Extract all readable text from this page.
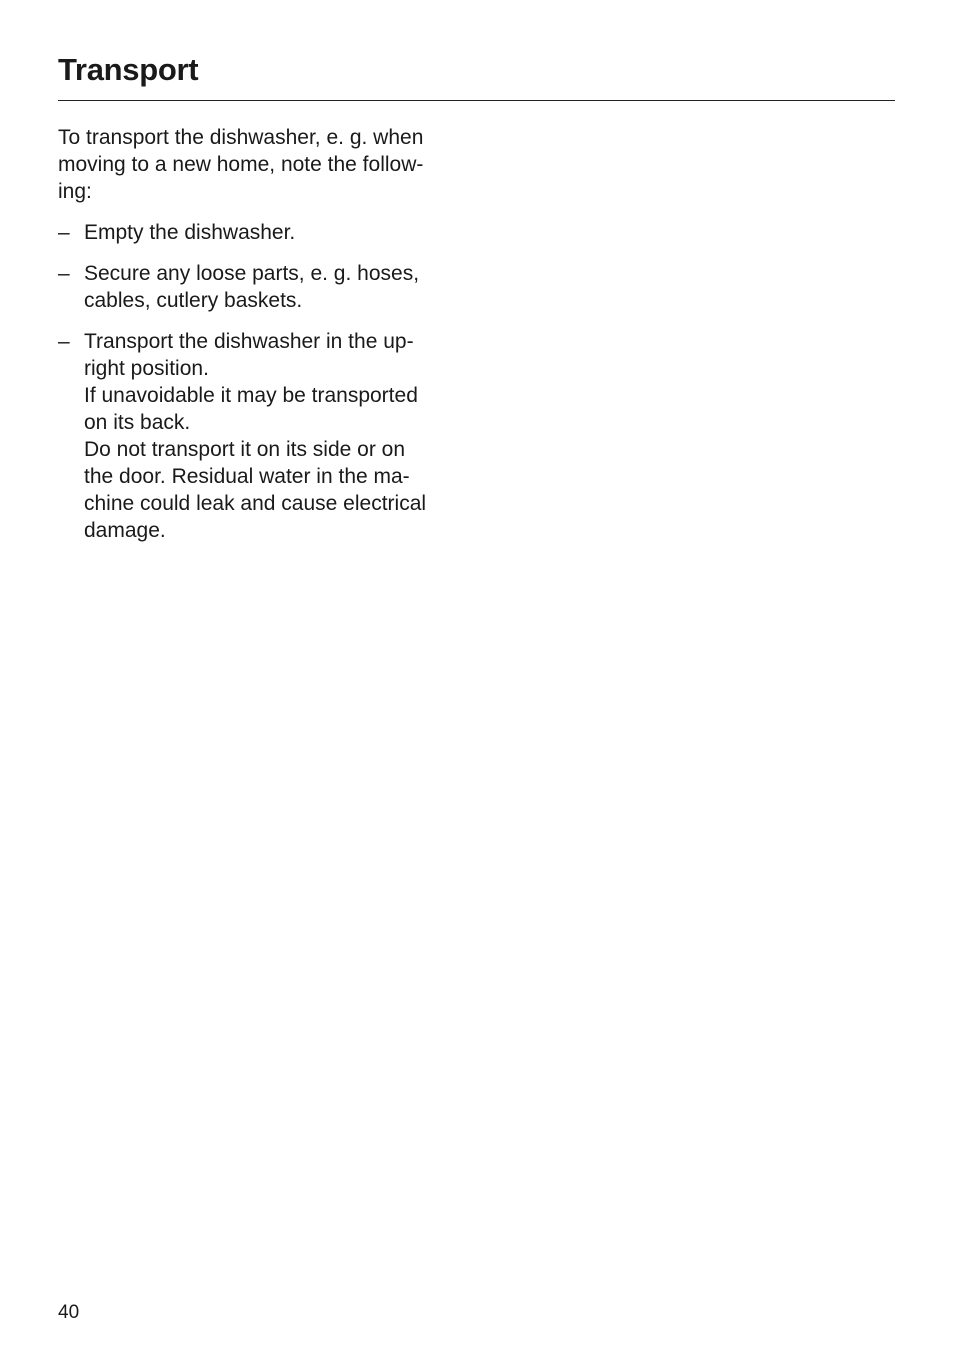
Transport

To transport the dishwasher, e. g. when
moving to a new home, note the follow-
ing:

– Empty the dishwasher.
– Secure any loose parts, e. g. hoses,
cables, cutlery baskets.
– Transport the dishwasher in the up-
right position.
If unavoidable it may be transported
on its back.
Do not transport it on its side or on
the door. Residual water in the ma-
chine could leak and cause electrical
damage.
40
